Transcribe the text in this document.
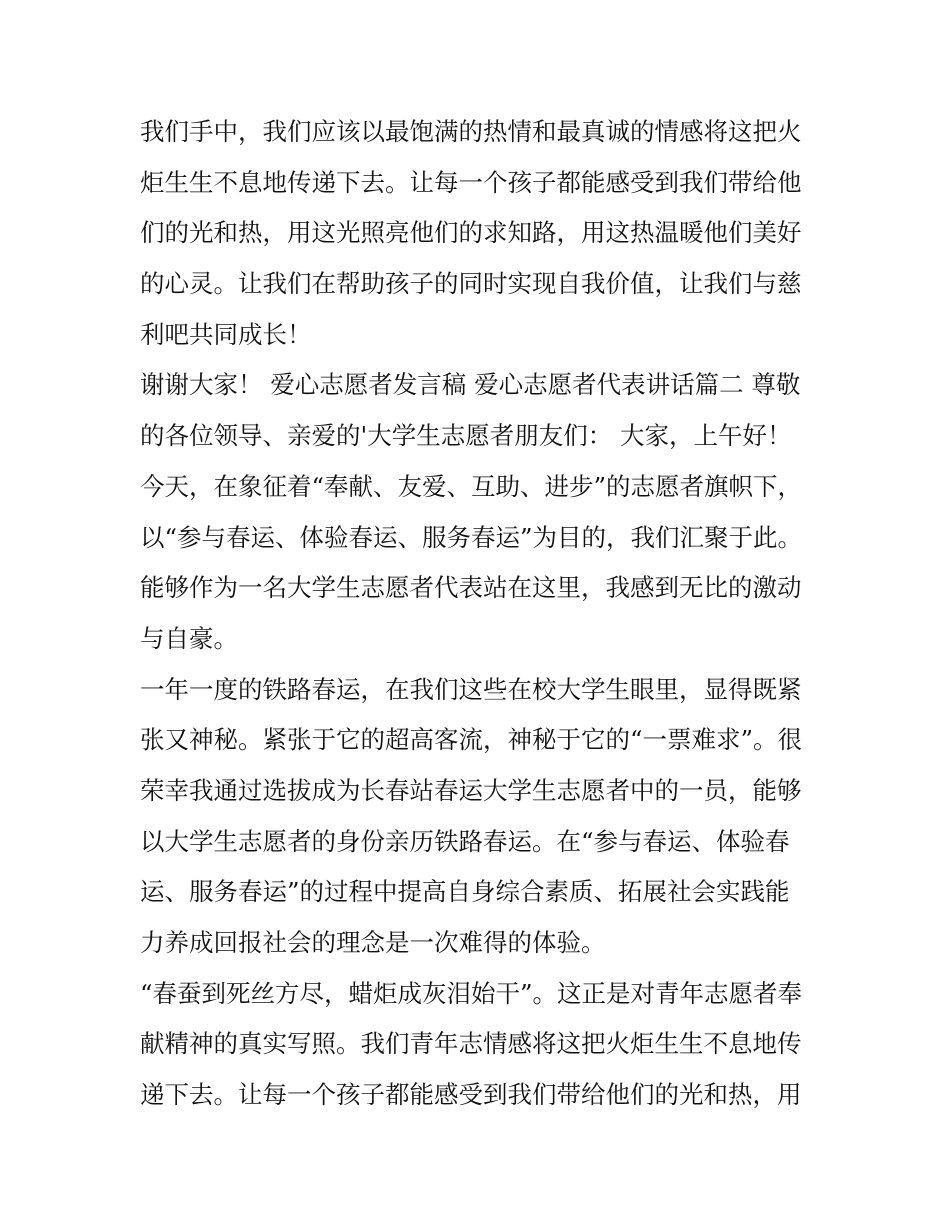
我们手中，我们应该以最饱满的热情和最真诚的情感将这把火
炬生生不息地传递下去。让每一个孩子都能感受到我们带给他
们的光和热，用这光照亮他们的求知路，用这热温暖他们美好
的心灵。让我们在帮助孩子的同时实现自我价值，让我们与慈
利吧共同成长！
谢谢大家！ 爱心志愿者发言稿 爱心志愿者代表讲话篇二 尊敬
的各位领导、亲爱的'大学生志愿者朋友们： 大家，上午好！
今天，在象征着“奉献、友爱、互助、进步”的志愿者旗帜下，
以“参与春运、体验春运、服务春运”为目的，我们汇聚于此。
能够作为一名大学生志愿者代表站在这里，我感到无比的激动
与自豪。
一年一度的铁路春运，在我们这些在校大学生眼里，显得既紧
张又神秘。紧张于它的超高客流，神秘于它的“一票难求”。很
荣幸我通过选拔成为长春站春运大学生志愿者中的一员，能够
以大学生志愿者的身份亲历铁路春运。在“参与春运、体验春
运、服务春运”的过程中提高自身综合素质、拓展社会实践能
力养成回报社会的理念是一次难得的体验。
“春蚕到死丝方尽，蜡炬成灰泪始干”。这正是对青年志愿者奉
献精神的真实写照。我们青年志情感将这把火炬生生不息地传
递下去。让每一个孩子都能感受到我们带给他们的光和热，用
